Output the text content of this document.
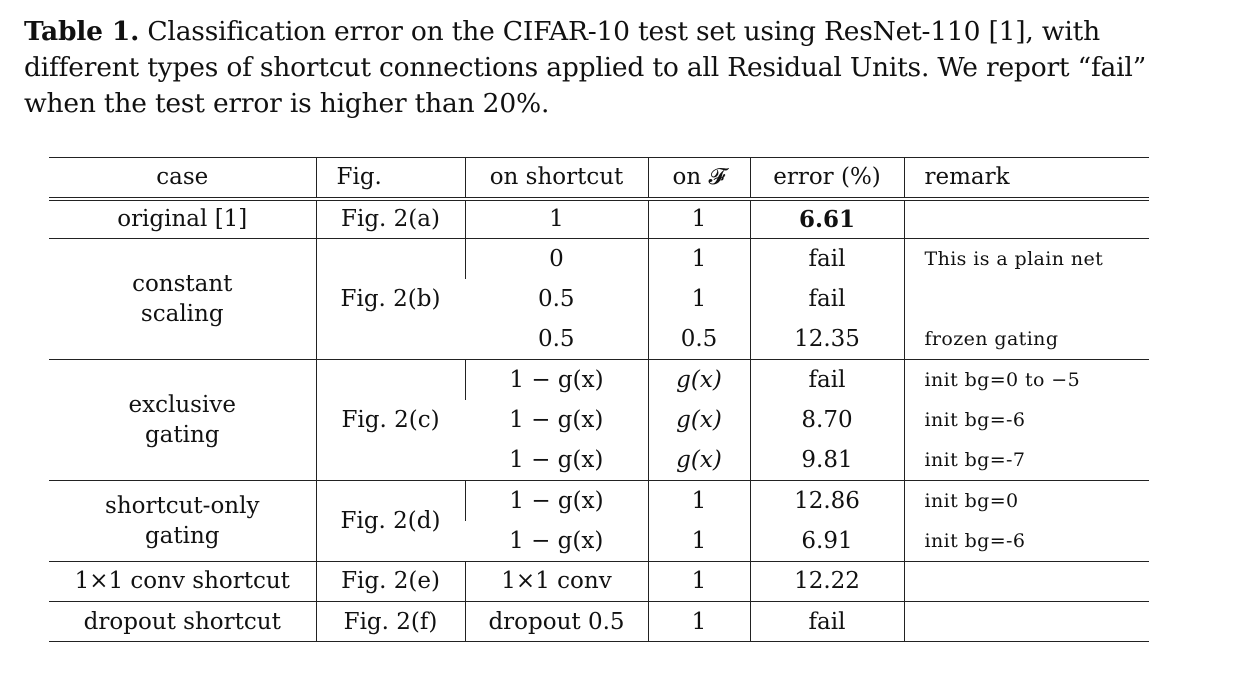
Table 1. Classification error on the CIFAR-10 test set using ResNet-110 [1], with
different types of shortcut connections applied to all Residual Units. We report “fail”
when the test error is higher than 20%.
case	Fig.	on shortcut	on 𝓕	error (%)	remark
original [1]	Fig. 2(a)	1	1	6.61	
constant
scaling	Fig. 2(b)	0	1	fail	This is a plain net
		0.5	1	fail	
		0.5	0.5	12.35	frozen gating
exclusive
gating	Fig. 2(c)	1 − g(x)	g(x)	fail	init bg=0 to −5
		1 − g(x)	g(x)	8.70	init bg=-6
		1 − g(x)	g(x)	9.81	init bg=-7
shortcut-only
gating	Fig. 2(d)	1 − g(x)	1	12.86	init bg=0
		1 − g(x)	1	6.91	init bg=-6
1×1 conv shortcut	Fig. 2(e)	1×1 conv	1	12.22	
dropout shortcut	Fig. 2(f)	dropout 0.5	1	fail	
